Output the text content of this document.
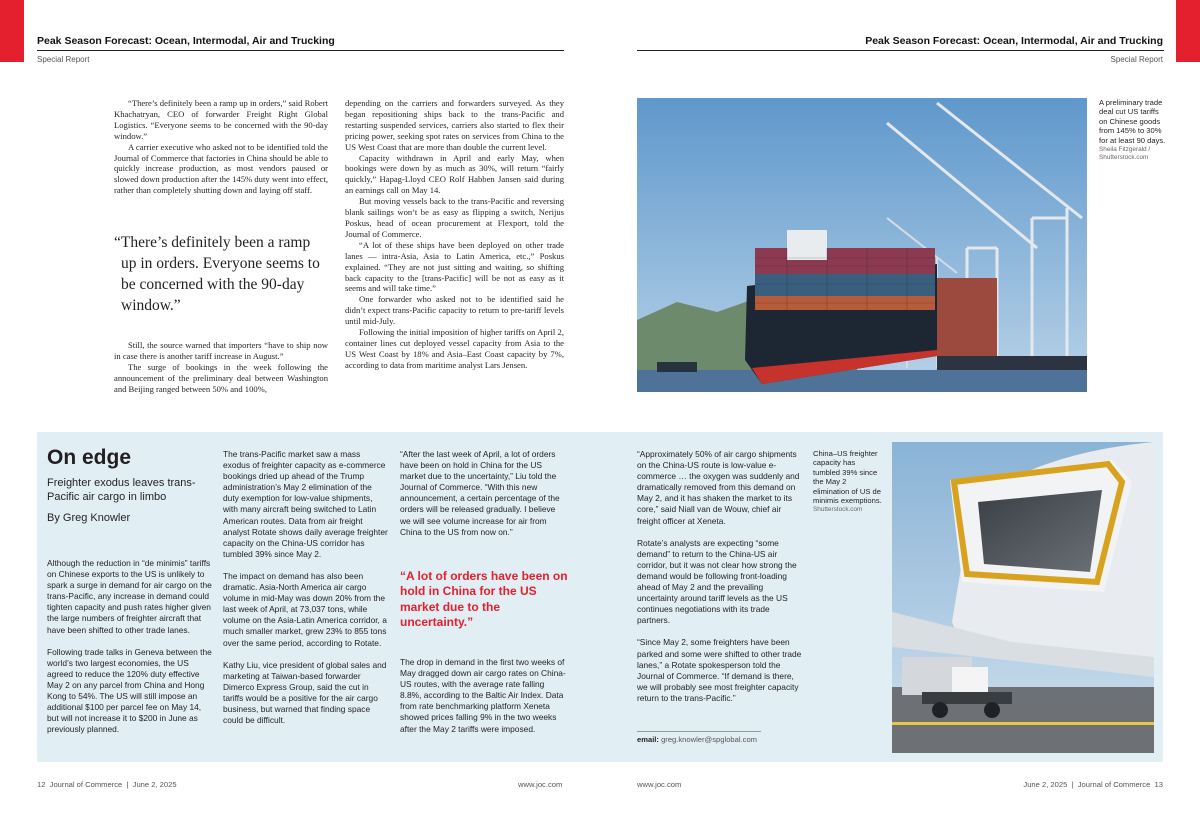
Peak Season Forecast: Ocean, Intermodal, Air and Trucking	Peak Season Forecast: Ocean, Intermodal, Air and Trucking
Special Report	Special Report

“There’s definitely been a ramp up in orders,” said Robert Khachatryan, CEO of forwarder Freight Right Global Logistics. “Everyone seems to be concerned with the 90-day window.”

A carrier executive who asked not to be identified told the Journal of Commerce that factories in China should be able to quickly increase production, as most vendors paused or slowed down production after the 145% duty went into effect, rather than completely shutting down and laying off staff.

“There’s definitely been a ramp
up in orders. Everyone seems to
be concerned with the 90-day
window.”

Still, the source warned that importers “have to ship now in case there is another tariff increase in August.”

The surge of bookings in the week following the announcement of the preliminary deal between Washington and Beijing ranged between 50% and 100%,

depending on the carriers and forwarders surveyed. As they began repositioning ships back to the trans-Pacific and restarting suspended services, carriers also started to flex their pricing power, seeking spot rates on services from China to the US West Coast that are more than double the current level.

Capacity withdrawn in April and early May, when bookings were down by as much as 30%, will return “fairly quickly,” Hapag-Lloyd CEO Rolf Habben Jansen said during an earnings call on May 14.

But moving vessels back to the trans-Pacific and reversing blank sailings won’t be as easy as flipping a switch, Nerijus Poskus, head of ocean procurement at Flexport, told the Journal of Commerce.

“A lot of these ships have been deployed on other trade lanes — intra-Asia, Asia to Latin America, etc.,” Poskus explained. “They are not just sitting and waiting, so shifting back capacity to the [trans-Pacific] will be not as easy as it seems and will take time.”

One forwarder who asked not to be identified said he didn’t expect trans-Pacific capacity to return to pre-tariff levels until mid-July.

Following the initial imposition of higher tariffs on April 2, container lines cut deployed vessel capacity from Asia to the US West Coast by 18% and Asia–East Coast capacity by 7%, according to data from maritime analyst Lars Jensen.

A preliminary trade deal cut US tariffs on Chinese goods from 145% to 30% for at least 90 days.
Sheila Fitzgerald / Shutterstock.com
On edge
Freighter exodus leaves trans-Pacific air cargo in limbo
By Greg Knowler

Although the reduction in “de minimis” tariffs on Chinese exports to the US is unlikely to spark a surge in demand for air cargo on the trans-Pacific, any increase in demand could tighten capacity and push rates higher given the large numbers of freighter aircraft that have been shifted to other trade lanes.

Following trade talks in Geneva between the world’s two largest economies, the US agreed to reduce the 120% duty effective May 2 on any parcel from China and Hong Kong to 54%. The US will still impose an additional $100 per parcel fee on May 14, but will not increase it to $200 in June as previously planned.

The trans-Pacific market saw a mass exodus of freighter capacity as e-commerce bookings dried up ahead of the Trump administration’s May 2 elimination of the duty exemption for low-value shipments, with many aircraft being switched to Latin American routes. Data from air freight analyst Rotate shows daily average freighter capacity on the China-US corridor has tumbled 39% since May 2.

The impact on demand has also been dramatic. Asia-North America air cargo volume in mid-May was down 20% from the last week of April, at 73,037 tons, while volume on the Asia-Latin America corridor, a much smaller market, grew 23% to 855 tons over the same period, according to Rotate.

Kathy Liu, vice president of global sales and marketing at Taiwan-based forwarder Dimerco Express Group, said the cut in tariffs would be a positive for the air cargo business, but warned that finding space could be difficult.

“After the last week of April, a lot of orders have been on hold in China for the US market due to the uncertainty,” Liu told the Journal of Commerce. “With this new announcement, a certain percentage of the orders will be released gradually. I believe we will see volume increase for air from China to the US from now on.”

“A lot of orders have been on hold in China for the US market due to the uncertainty.”

The drop in demand in the first two weeks of May dragged down air cargo rates on China-US routes, with the average rate falling 8.8%, according to the Baltic Air Index. Data from rate benchmarking platform Xeneta showed prices falling 9% in the two weeks after the May 2 tariffs were imposed.

“Approximately 50% of air cargo shipments on the China-US route is low-value e-commerce … the oxygen was suddenly and dramatically removed from this demand on May 2, and it has shaken the market to its core,” said Niall van de Wouw, chief air freight officer at Xeneta.

Rotate’s analysts are expecting “some demand” to return to the China-US air corridor, but it was not clear how strong the demand would be following front-loading ahead of May 2 and the prevailing uncertainty around tariff levels as the US continues negotiations with its trade partners.

“Since May 2, some freighters have been parked and some were shifted to other trade lanes,” a Rotate spokesperson told the Journal of Commerce. “If demand is there, we will probably see most freighter capacity return to the trans-Pacific.”

email: greg.knowler@spglobal.com
China–US freighter capacity has tumbled 39% since the May 2 elimination of US de minimis exemptions.
Shutterstock.com
12  Journal of Commerce  |  June 2, 2025	www.joc.com	www.joc.com	June 2, 2025  |  Journal of Commerce  13
